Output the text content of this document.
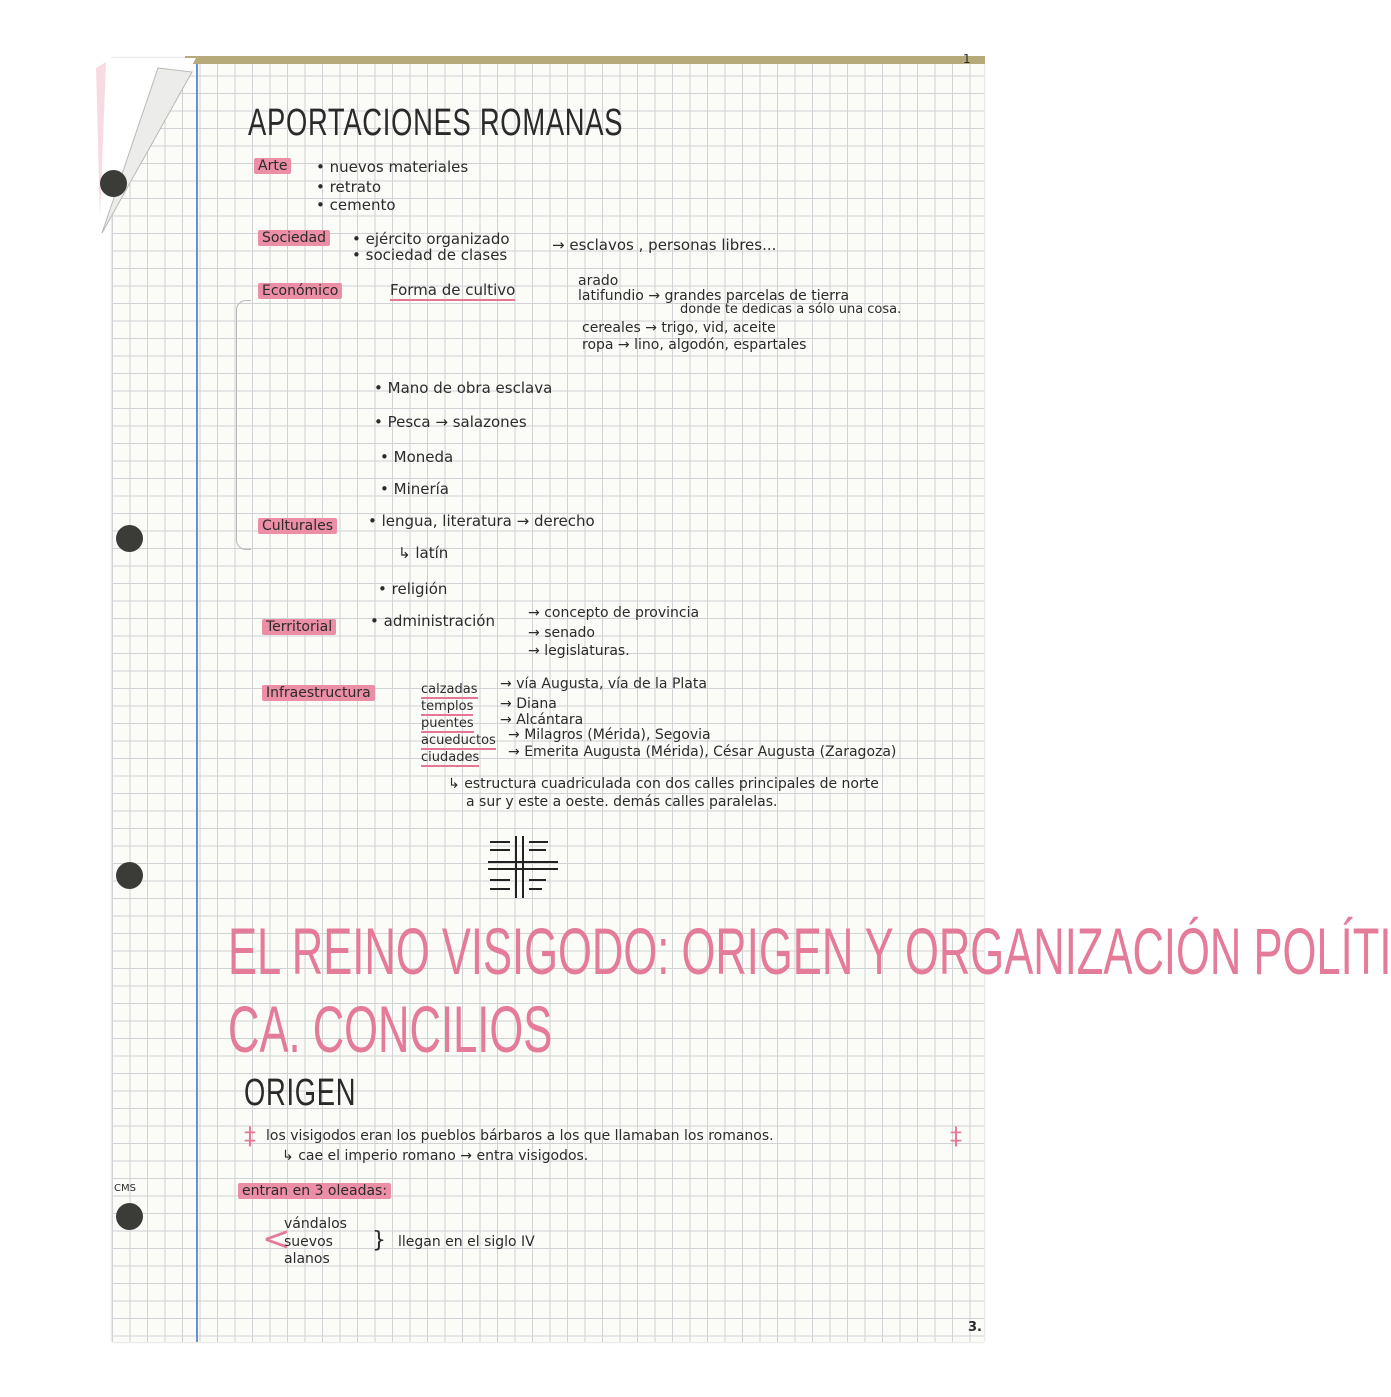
1
CMS
3.
APORTACIONES ROMANAS
Arte • nuevos materiales
• retrato
• cemento
Sociedad • ejército organizado
• sociedad de clases
→ esclavos , personas libres...
Económico	Forma de cultivo	arado
latifundio → grandes parcelas de tierra
donde te dedicas a sólo una cosa.
cereales → trigo, vid, aceite
ropa → lino, algodón, espartales
• Mano de obra esclava
• Pesca → salazones
• Moneda
• Minería
Culturales • lengua, literatura → derecho
↳ latín
• religión
Territorial	• administración → concepto de provincia
→ senado
→ legislaturas.
Infraestructura	calzadas → vía Augusta, vía de la Plata
templos → Diana
puentes → Alcántara
acueductos → Milagros (Mérida), Segovia
ciudades → Emerita Augusta (Mérida), César Augusta (Zaragoza)
↳ estructura cuadriculada con dos calles principales de norte
a sur y este a oeste. demás calles paralelas.
EL REINO VISIGODO: ORIGEN Y ORGANIZACIÓN POLÍTI
CA. CONCILIOS
ORIGEN
‡ los visigodos eran los pueblos bárbaros a los que llamaban los romanos.	‡
↳ cae el imperio romano → entra visigodos.
entran en 3 oleadas:
<
vándalos
suevos
alanos
} llegan en el siglo IV
